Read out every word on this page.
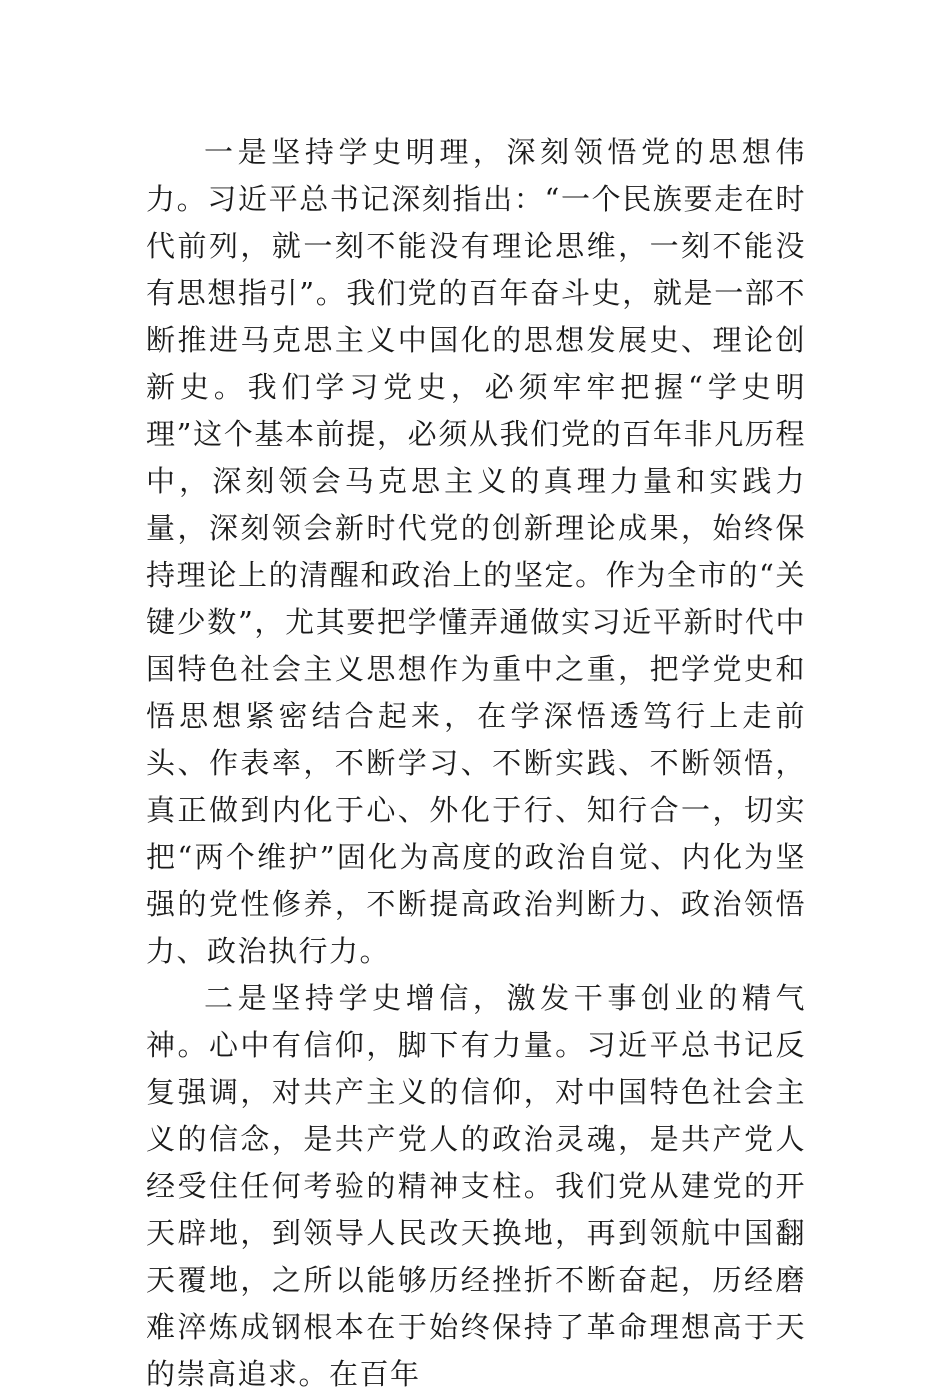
一是坚持学史明理，深刻领悟党的思想伟力。习近平总书记深刻指出：“一个民族要走在时代前列，就一刻不能没有理论思维，一刻不能没有思想指引”。我们党的百年奋斗史，就是一部不断推进马克思主义中国化的思想发展史、理论创新史。我们学习党史，必须牢牢把握“学史明理”这个基本前提，必须从我们党的百年非凡历程中，深刻领会马克思主义的真理力量和实践力量，深刻领会新时代党的创新理论成果，始终保持理论上的清醒和政治上的坚定。作为全市的“关键少数”，尤其要把学懂弄通做实习近平新时代中国特色社会主义思想作为重中之重，把学党史和悟思想紧密结合起来，在学深悟透笃行上走前头、作表率，不断学习、不断实践、不断领悟，真正做到内化于心、外化于行、知行合一，切实把“两个维护”固化为高度的政治自觉、内化为坚强的党性修养，不断提高政治判断力、政治领悟力、政治执行力。

二是坚持学史增信，激发干事创业的精气神。心中有信仰，脚下有力量。习近平总书记反复强调，对共产主义的信仰，对中国特色社会主义的信念，是共产党人的政治灵魂，是共产党人经受住任何考验的精神支柱。我们党从建党的开天辟地，到领导人民改天换地，再到领航中国翻天覆地，之所以能够历经挫折不断奋起，历经磨难淬炼成钢根本在于始终保持了革命理想高于天的崇高追求。在百年
